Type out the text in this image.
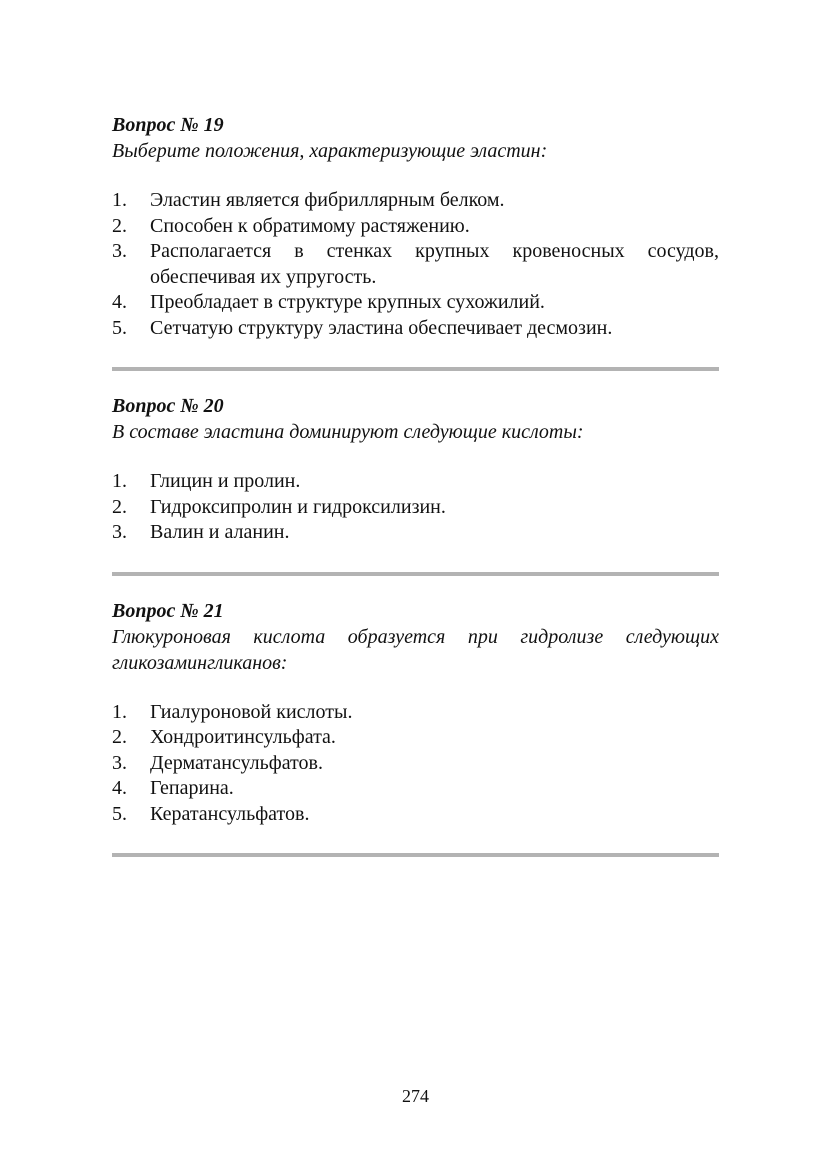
Вопрос № 19

Выберите положения, характеризующие эластин:

1.	Эластин является фибриллярным белком.
2.	Способен к обратимому растяжению.
3.	Располагается в стенках крупных кровеносных сосудов, обеспечивая их упругость.
4.	Преобладает в структуре крупных сухожилий.
5.	Сетчатую структуру эластина обеспечивает десмозин.

Вопрос № 20

В составе эластина доминируют следующие кислоты:

1.	Глицин и пролин.
2.	Гидроксипролин и гидроксилизин.
3.	Валин и аланин.

Вопрос № 21

Глюкуроновая кислота образуется при гидролизе следующих гликозамингликанов:

1.	Гиалуроновой кислоты.
2.	Хондроитинсульфата.
3.	Дерматансульфатов.
4.	Гепарина.
5.	Кератансульфатов.
274
